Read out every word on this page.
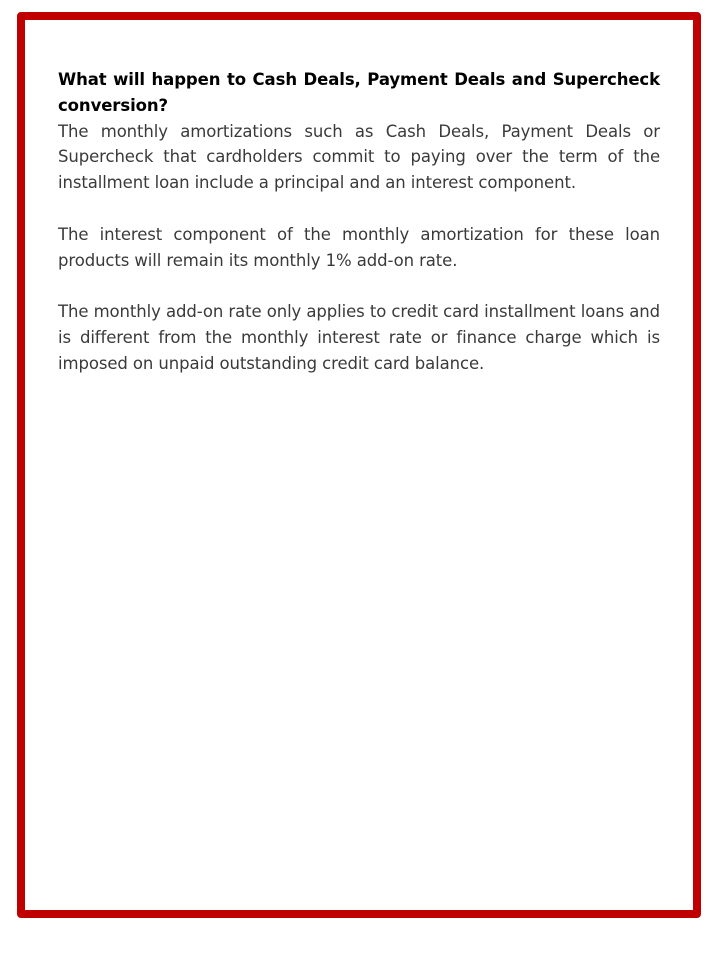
What will happen to Cash Deals, Payment Deals and Supercheck conversion?

The monthly amortizations such as Cash Deals, Payment Deals or Supercheck that cardholders commit to paying over the term of the installment loan include a principal and an interest component.

The interest component of the monthly amortization for these loan products will remain its monthly 1% add-on rate.

The monthly add-on rate only applies to credit card installment loans and is different from the monthly interest rate or finance charge which is imposed on unpaid outstanding credit card balance.
